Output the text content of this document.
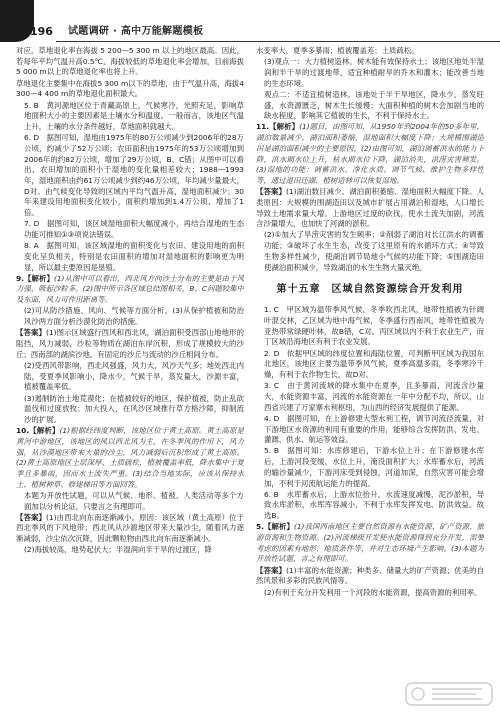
196	试题调研 · 高中万能解题模板

对应，草地退化率在海拔 5 200—5 300 m 以上的地区最高。因此，若每年平均气温升高0.5℃，海拔较低的草地退化率会增加，目前海拔5 000 m以上的草地退化率也将上升。

草地退化主要集中在海拔5 300 m以下的草地，由于气温升高，海拔4 300—4 400 m的草地退化面积最大。

5. B　黄河源地区位于青藏高原上，气候寒冷，光照充足，影响草地面积大小的主要因素是土壤水分和温度。一般而言，该地区气温上升，土壤的水分条件越好，草地面积就越大。

6. D　据图可知，湿地由1975年的80万公顷减少到2006年的28万公顷，约减少了52万公顷；农田面积由1975年的53万公顷增加到2006年的约82万公顷，增加了29万公顷，B、C错；从图中可以看出，农田增加的面积小于湿地的变化量相差较大；1988—1993年，湿地面积由约61万公顷减少到约46万公顷，年均减少量最大，D对。由气候变化导致的区域内平均气温升高，湿地面积减少；30年来建设用地面积变化较小，面积约增加到1.4万公顷，增加了1倍。

7. D　据图可知，该区域湿地面积大幅度减小，再结合湿地的生态功能可推知①③项说法错误。

8. A　据图可知，该区域湿地的面积变化与农田、建设用地的面积变化呈负相关，特别是农田面积的增加对湿地面积的影响更为明显，所以最主要原因是垦殖。

9.【解析】(1)从图中可以看出，西北风方向沙土分布的主要是由于风力强、吸起沙粒多。(2)图中所示各区域总结图相关，B、C问题较集中及东面，风力可作用距离等。

(2)可从防沙措施、风向、气候等方面分析。(3)从保护植被和防治风沙两方面分析沙漠化防治的措施。

【答案】(1)图示区域盛行西风和西北风，湖泊面积受西部山地地形的阻挡，风力减弱，沙粒等物质在湖泊东岸沉积，形成了规模较大的沙丘；西南部的湖滨沙地，有固定的沙丘与流动的沙丘相间分布。

(2)受西风带影响，西北风强盛，风力大，风沙天气多；地处西北内陆，受夏季风影响小，降水少，气候干旱，蒸发量大，沙源丰富，植被覆盖率低。

(3)遏制防治土地荒漠化；在植被较好的地区，保护植被，防止乱砍滥伐和过度放牧；加大投入，在风沙区域推行草方格沙障，抑制流沙的扩展。

10.【解析】(1)根据经纬度判断，该地区位于黄土高原。黄土高原是黄河中游地区，该地区的风以西北风为主，在冬季风的作用下，风力强，从沙漠地区带来大量的沙尘，风力减弱后沉积形成了黄土高原。(2)黄土高原地区土层深厚、土质疏松，植被覆盖率低，降水集中于夏季且多暴雨，因而水土流失严重。(3)结合当地实际，应该从保持水土、植树种草、修建梯田等方面回答。

本题为开放性试题，可以从气候、地形、植被、人类活动等多个方面加以分析论证，只要言之有理即可。

【答案】(1)由西北向东南逐渐减小。原因：该区域（黄土高原）位于西北季风的下风地带；西北风从沙源地区带来大量沙尘，随着风力逐渐减弱，沙尘依次沉降，因此颗粒物由西北向东南逐渐减小。

(2)海拔较高，地势起伏大；半湿润向半干旱的过渡区，降

水变率大，夏季多暴雨；植被覆盖差；土质疏松。

(3)观点一：大力植树造林。树木能有效保持水土；该地区地处半湿润和半干旱的过渡地带，适宜种植耐旱的乔木和灌木；能改善当地的生态环境。

观点二：不适宜植树造林。该地处于半干旱地区，降水少，蒸发旺盛，水资源匮乏，树木生长缓慢；大面积种植的树木会加剧当地的缺水程度，影响其它植被的生长，不利于保持水土。

11.【解析】(1)题目，由图可知，从1950年到2004年的50多年里，湖泊数量减少，湖泊面积萎缩，湿地面积大幅度下降；大规模围湖造田是湖泊面积减少的主要原因。(2)由图可知，湖泊调蓄洪水的能力下降，洪水期水位上升，枯水期水位下降，湖泊消失，洪涝灾害频发。(3)湿地的功能：调蓄洪水、净化水质、调节气候、维护生物多样性等，通过退田还湖、植树造林可以恢复湿地。

【答案】(1)湖泊数目减少、湖泊面积萎缩、湿地面积大幅度下降。人类原因：大规模的围湖造田以及城市扩展占用湖泊和湿地，人口增长导致土地需求量大增。上游地区过度的砍伐，使水土流失加剧，河流含沙量增大，也加快了河湖的淤积。

(2)①加大了旱涝灾害的发生频率；②削弱了湖泊对长江洪水的调蓄功能；③破坏了水生生态，改变了这里原有的水循环方式；④导致生物多样性减少，使湖泊调节局地小气候的功能下降；⑤围湖造田使湖泊面积减少，导致湖泊的水生生物大量灭绝。

第十五章　区域自然资源综合开发利用

1. C　甲区域为温带季风气候，冬季吹西北风，地带性植被为针阔叶混交林，乙区域为地中海气候，冬季盛行西南风，地带性植被为亚热带常绿硬叶林，故B错，C对。丙区域以内不利于农业生产，而丁区域沿海地区有利于农业发展。

2. D　依据甲区域的纬度位置和海陆位置，可判断甲区域为我国东北地区，该地区主要为温带季风气候，夏季高温多雨，冬季寒冷干燥，有利于农作物生长，故D对。

3. C　由于黄河流域的降水集中在夏季，且多暴雨，河流含沙量大，水能资源丰富，河流的水能资源在一年中分配不均，所以，山西省兴建了万家寨水利枢纽，为山西的经济发展提供了能源。

4. D　据图可知，在上游修建大型水利工程，调节河流径流量，对下游地区水资源的利用有重要的作用，能够综合发挥防洪、发电、灌溉、供水、航运等效益。

5. B　据图可知：水库修建后，下游水位上升；在下游修建水库后，上游河段变缓，水位上升，淹没面积扩大；水库蓄水后，河流的输沙量减少，下游河床受到侵蚀，河道加深，自然灾害可能会增加，不利于河流航运能力的提高。

6. B　水库蓄水后，上游水位抬升，水流速度减慢，泥沙淤积，导致水库淤积，水库库容减小，不利于水库发挥发电、防洪效益。故选B。

5.【解析】(1)我国西南地区主要自然资源有水能资源、矿产资源、旅游资源和生物资源。(2)河流梯级开发使水能资源得到充分开发，需要考虑的因素有地形、地质条件等，并对生态环境产生影响。(3)本题为开放性试题，言之有理即可。

【答案】(1)丰富的水能资源；种类多、储量大的矿产资源；优美的自然风景和多彩的民族风情等。

(2)有利于充分开发利用一个河段的水能资源，提高资源的利用率。
